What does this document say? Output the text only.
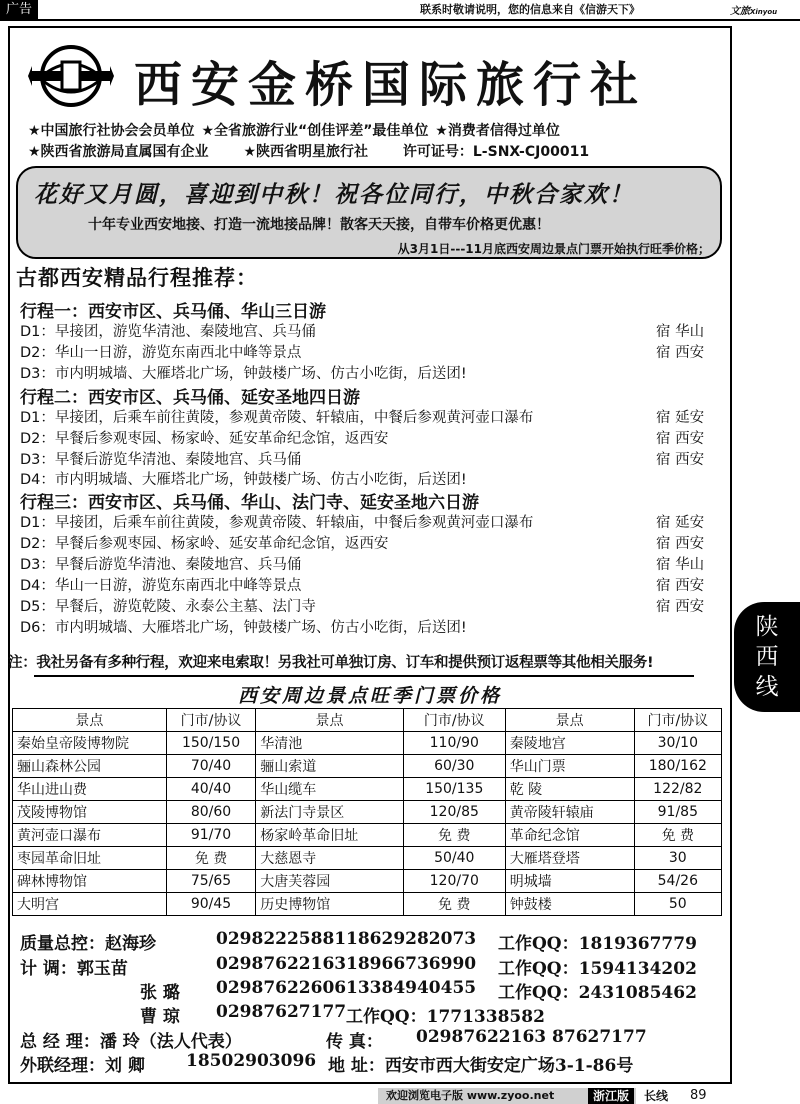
广告	联系时敬请说明，您的信息来自《信游天下》	文旅Xinyou
西安金桥国际旅行社
★中国旅行社协会会员单位 ★全省旅游行业“创佳评差”最佳单位 ★消费者信得过单位
★陕西省旅游局直属国有企业 ★陕西省明星旅行社 许可证号：L-SNX-CJ00011
花好又月圆，喜迎到中秋！祝各位同行，中秋合家欢！
十年专业西安地接、打造一流地接品牌！散客天天接，自带车价格更优惠！
从3月1日---11月底西安周边景点门票开始执行旺季价格；
古都西安精品行程推荐：
行程一：西安市区、兵马俑、华山三日游
D1：早接团，游览华清池、秦陵地宫、兵马俑	宿 华山
D2：华山一日游，游览东南西北中峰等景点	宿 西安
D3：市内明城墙、大雁塔北广场，钟鼓楼广场、仿古小吃街，后送团!
行程二：西安市区、兵马俑、延安圣地四日游
D1：早接团，后乘车前往黄陵，参观黄帝陵、轩辕庙，中餐后参观黄河壶口瀑布	宿 延安
D2：早餐后参观枣园、杨家岭、延安革命纪念馆，返西安	宿 西安
D3：早餐后游览华清池、秦陵地宫、兵马俑	宿 西安
D4：市内明城墙、大雁塔北广场，钟鼓楼广场、仿古小吃街，后送团!
行程三：西安市区、兵马俑、华山、法门寺、延安圣地六日游
D1：早接团，后乘车前往黄陵，参观黄帝陵、轩辕庙，中餐后参观黄河壶口瀑布	宿 延安
D2：早餐后参观枣园、杨家岭、延安革命纪念馆，返西安	宿 西安
D3：早餐后游览华清池、秦陵地宫、兵马俑	宿 华山
D4：华山一日游，游览东南西北中峰等景点	宿 西安
D5：早餐后，游览乾陵、永泰公主墓、法门寺	宿 西安
D6：市内明城墙、大雁塔北广场，钟鼓楼广场、仿古小吃街，后送团!
注：我社另备有多种行程，欢迎来电索取！另我社可单独订房、订车和提供预订返程票等其他相关服务!
西安周边景点旺季门票价格
景点	门市/协议	景点	门市/协议	景点	门市/协议
秦始皇帝陵博物院	150/150	华清池	110/90	秦陵地宫	30/10
骊山森林公园	70/40	骊山索道	60/30	华山门票	180/162
华山进山费	40/40	华山缆车	150/135	乾 陵	122/82
茂陵博物馆	80/60	新法门寺景区	120/85	黄帝陵轩辕庙	91/85
黄河壶口瀑布	91/70	杨家岭革命旧址	免 费	革命纪念馆	免 费
枣园革命旧址	免 费	大慈恩寺	50/40	大雁塔登塔	30
碑林博物馆	75/65	大唐芙蓉园	120/70	明城墙	54/26
大明宫	90/45	历史博物馆	免 费	钟鼓楼	50
质量总控：赵海珍	02982225881 18629282073 工作QQ：1819367779
计 调：郭玉苗	02987622163 18966736990 工作QQ：1594134202
张 璐 02987622606 13384940455 工作QQ：2431085462
曹 琼 02987627177 工作QQ：1771338582
总 经 理：潘 玲（法人代表）	传 真： 02987622163 87627177
外联经理：刘 卿 18502903096 地 址：西安市西大街安定广场3-1-86号
陕
西
线
欢迎浏览电子版 www.zyoo.net	浙江版	长线 89
